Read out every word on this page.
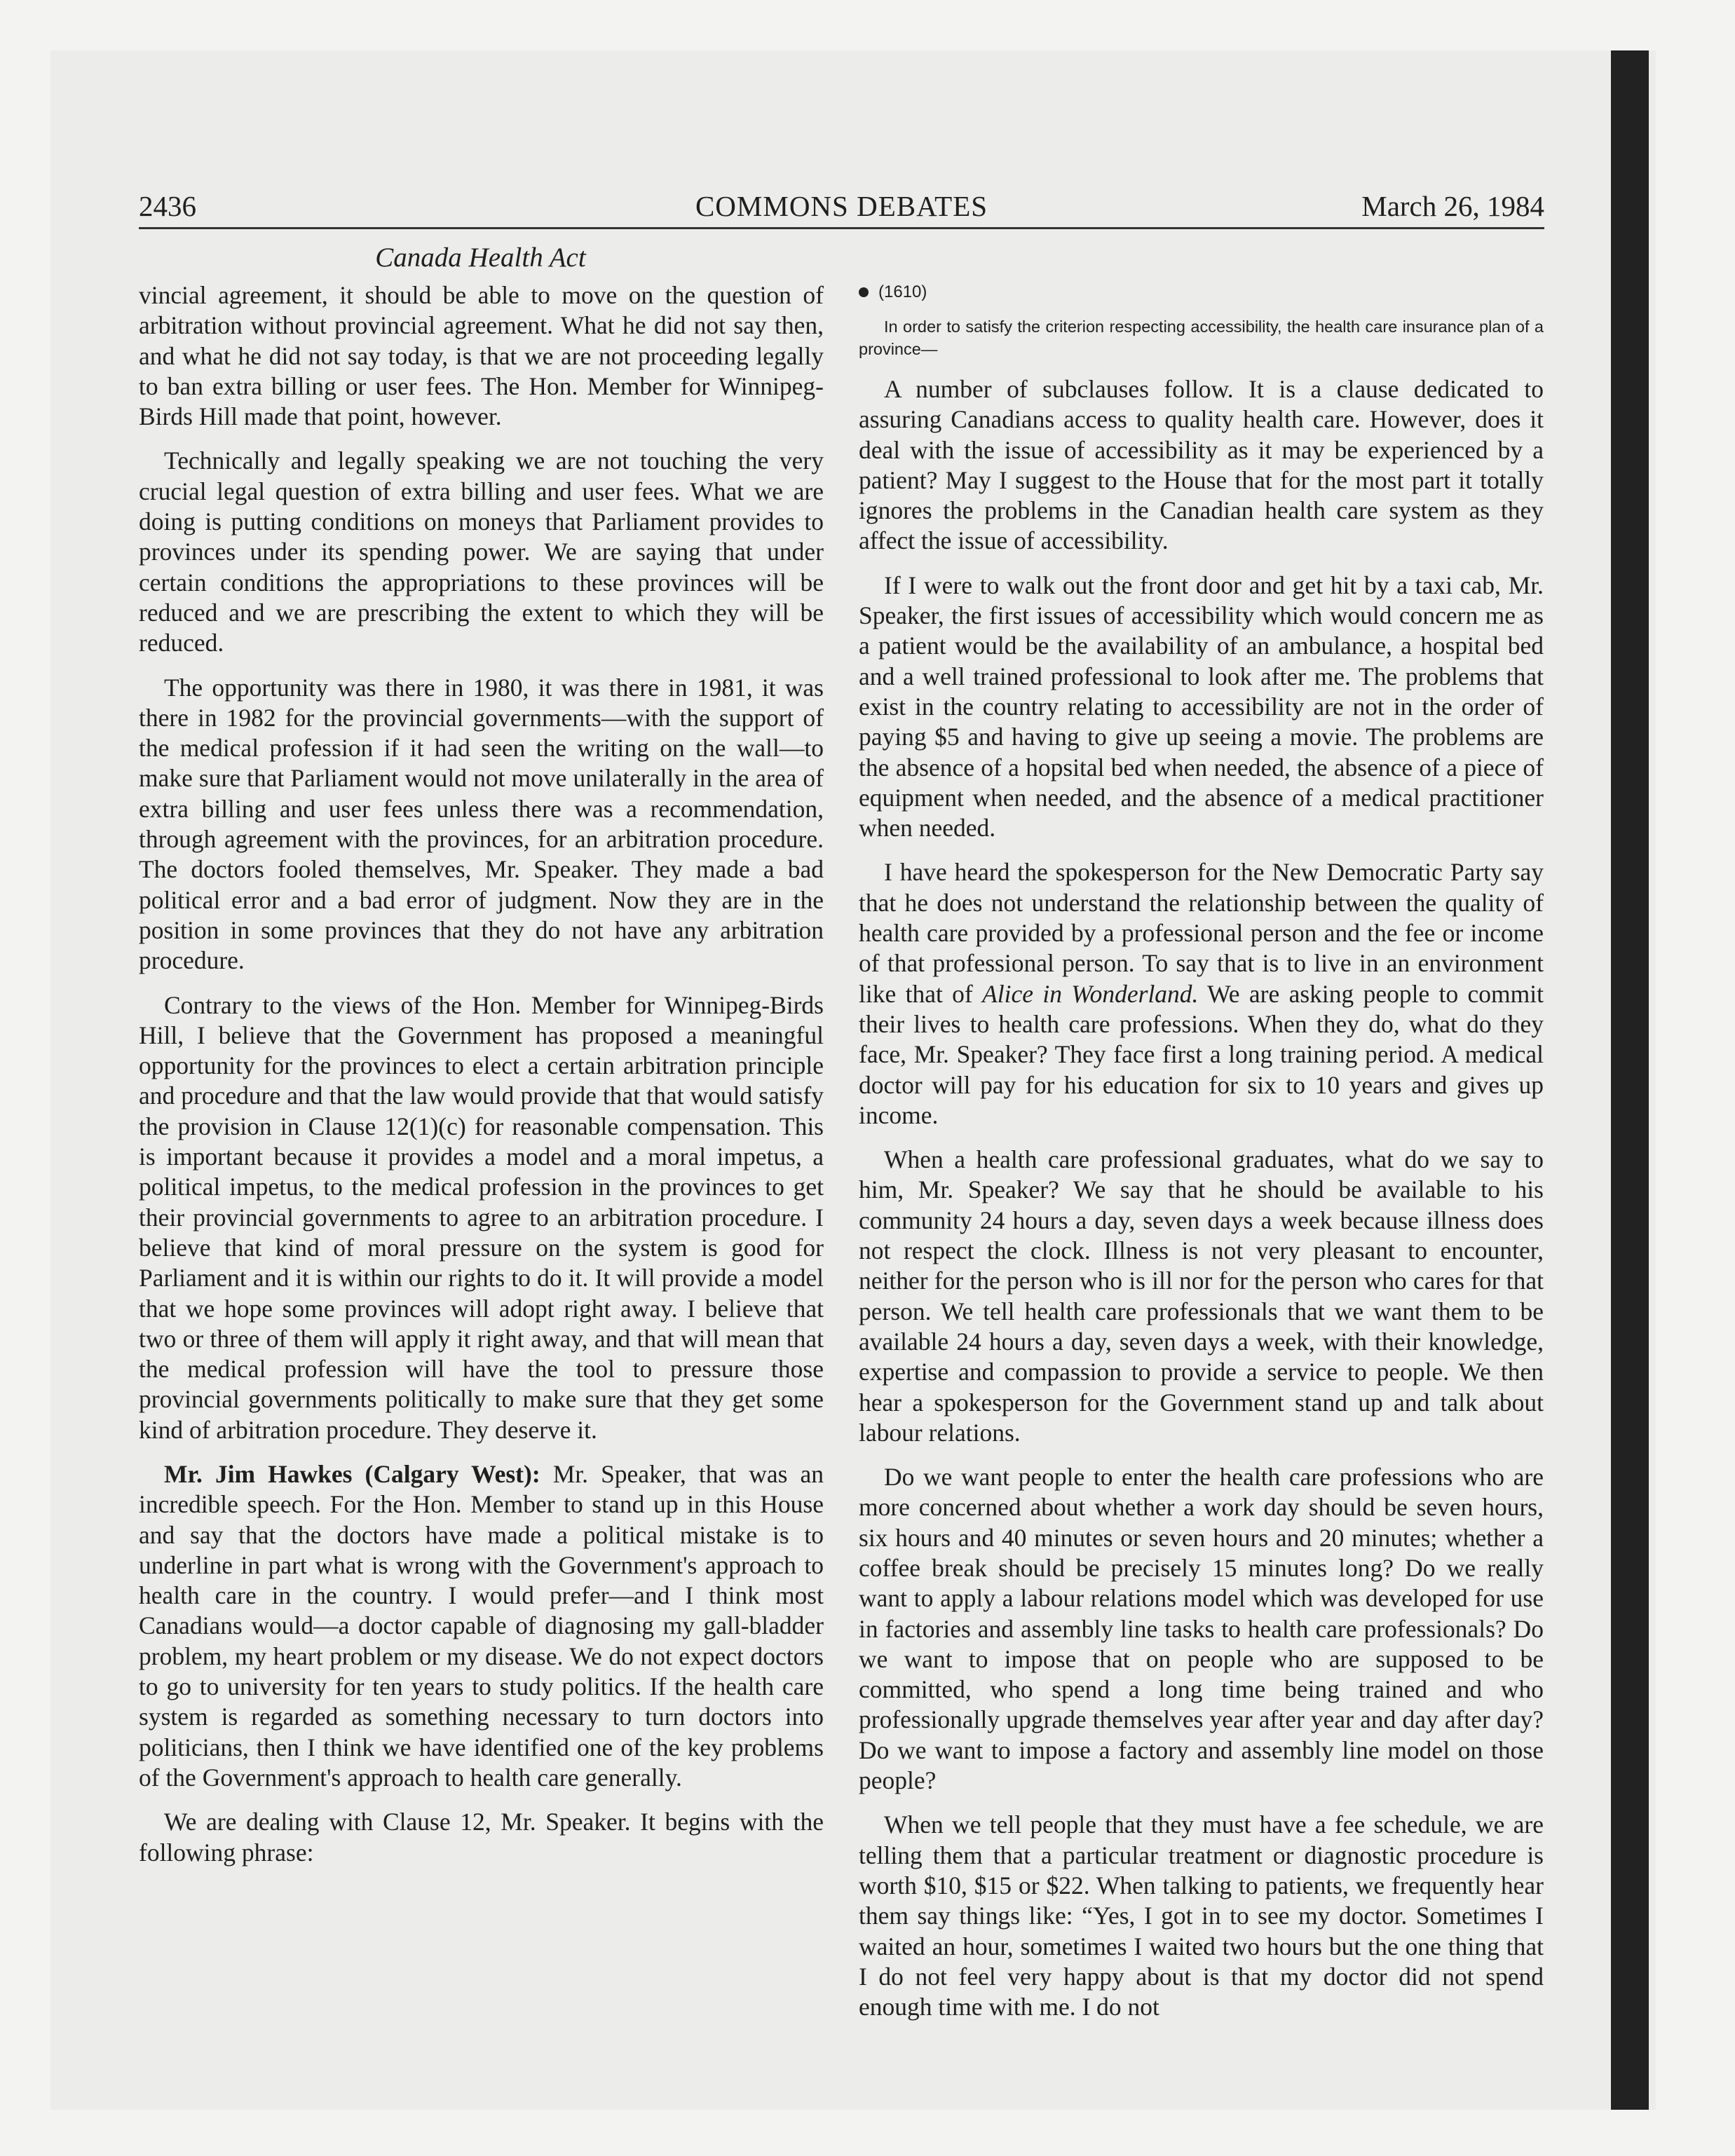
2436	COMMONS DEBATES	March 26, 1984
Canada Health Act

vincial agreement, it should be able to move on the question of arbitration without provincial agreement. What he did not say then, and what he did not say today, is that we are not proceeding legally to ban extra billing or user fees. The Hon. Member for Winnipeg-Birds Hill made that point, however.

Technically and legally speaking we are not touching the very crucial legal question of extra billing and user fees. What we are doing is putting conditions on moneys that Parliament provides to provinces under its spending power. We are saying that under certain conditions the appropriations to these provinces will be reduced and we are prescribing the extent to which they will be reduced.

The opportunity was there in 1980, it was there in 1981, it was there in 1982 for the provincial governments—with the support of the medical profession if it had seen the writing on the wall—to make sure that Parliament would not move unilaterally in the area of extra billing and user fees unless there was a recommendation, through agreement with the provinces, for an arbitration procedure. The doctors fooled themselves, Mr. Speaker. They made a bad political error and a bad error of judgment. Now they are in the position in some provinces that they do not have any arbitration procedure.

Contrary to the views of the Hon. Member for Winnipeg-Birds Hill, I believe that the Government has proposed a meaningful opportunity for the provinces to elect a certain arbitration principle and procedure and that the law would provide that that would satisfy the provision in Clause 12(1)(c) for reasonable compensation. This is important because it provides a model and a moral impetus, a political impetus, to the medical profession in the provinces to get their provincial governments to agree to an arbitration procedure. I believe that kind of moral pressure on the system is good for Parliament and it is within our rights to do it. It will provide a model that we hope some provinces will adopt right away. I believe that two or three of them will apply it right away, and that will mean that the medical profession will have the tool to pressure those provincial governments politically to make sure that they get some kind of arbitration procedure. They deserve it.

Mr. Jim Hawkes (Calgary West): Mr. Speaker, that was an incredible speech. For the Hon. Member to stand up in this House and say that the doctors have made a political mistake is to underline in part what is wrong with the Government's approach to health care in the country. I would prefer—and I think most Canadians would—a doctor capable of diagnosing my gall-bladder problem, my heart problem or my disease. We do not expect doctors to go to university for ten years to study politics. If the health care system is regarded as something necessary to turn doctors into politicians, then I think we have identified one of the key problems of the Government's approach to health care generally.

We are dealing with Clause 12, Mr. Speaker. It begins with the following phrase:

(1610)

In order to satisfy the criterion respecting accessibility, the health care insurance plan of a province—

A number of subclauses follow. It is a clause dedicated to assuring Canadians access to quality health care. However, does it deal with the issue of accessibility as it may be experienced by a patient? May I suggest to the House that for the most part it totally ignores the problems in the Canadian health care system as they affect the issue of accessibility.

If I were to walk out the front door and get hit by a taxi cab, Mr. Speaker, the first issues of accessibility which would concern me as a patient would be the availability of an ambulance, a hospital bed and a well trained professional to look after me. The problems that exist in the country relating to accessibility are not in the order of paying $5 and having to give up seeing a movie. The problems are the absence of a hopsital bed when needed, the absence of a piece of equipment when needed, and the absence of a medical practitioner when needed.

I have heard the spokesperson for the New Democratic Party say that he does not understand the relationship between the quality of health care provided by a professional person and the fee or income of that professional person. To say that is to live in an environment like that of Alice in Wonderland. We are asking people to commit their lives to health care professions. When they do, what do they face, Mr. Speaker? They face first a long training period. A medical doctor will pay for his education for six to 10 years and gives up income.

When a health care professional graduates, what do we say to him, Mr. Speaker? We say that he should be available to his community 24 hours a day, seven days a week because illness does not respect the clock. Illness is not very pleasant to encounter, neither for the person who is ill nor for the person who cares for that person. We tell health care professionals that we want them to be available 24 hours a day, seven days a week, with their knowledge, expertise and compassion to provide a service to people. We then hear a spokesperson for the Government stand up and talk about labour relations.

Do we want people to enter the health care professions who are more concerned about whether a work day should be seven hours, six hours and 40 minutes or seven hours and 20 minutes; whether a coffee break should be precisely 15 minutes long? Do we really want to apply a labour relations model which was developed for use in factories and assembly line tasks to health care professionals? Do we want to impose that on people who are supposed to be committed, who spend a long time being trained and who professionally upgrade themselves year after year and day after day? Do we want to impose a factory and assembly line model on those people?

When we tell people that they must have a fee schedule, we are telling them that a particular treatment or diagnostic procedure is worth $10, $15 or $22. When talking to patients, we frequently hear them say things like: “Yes, I got in to see my doctor. Sometimes I waited an hour, sometimes I waited two hours but the one thing that I do not feel very happy about is that my doctor did not spend enough time with me. I do not
